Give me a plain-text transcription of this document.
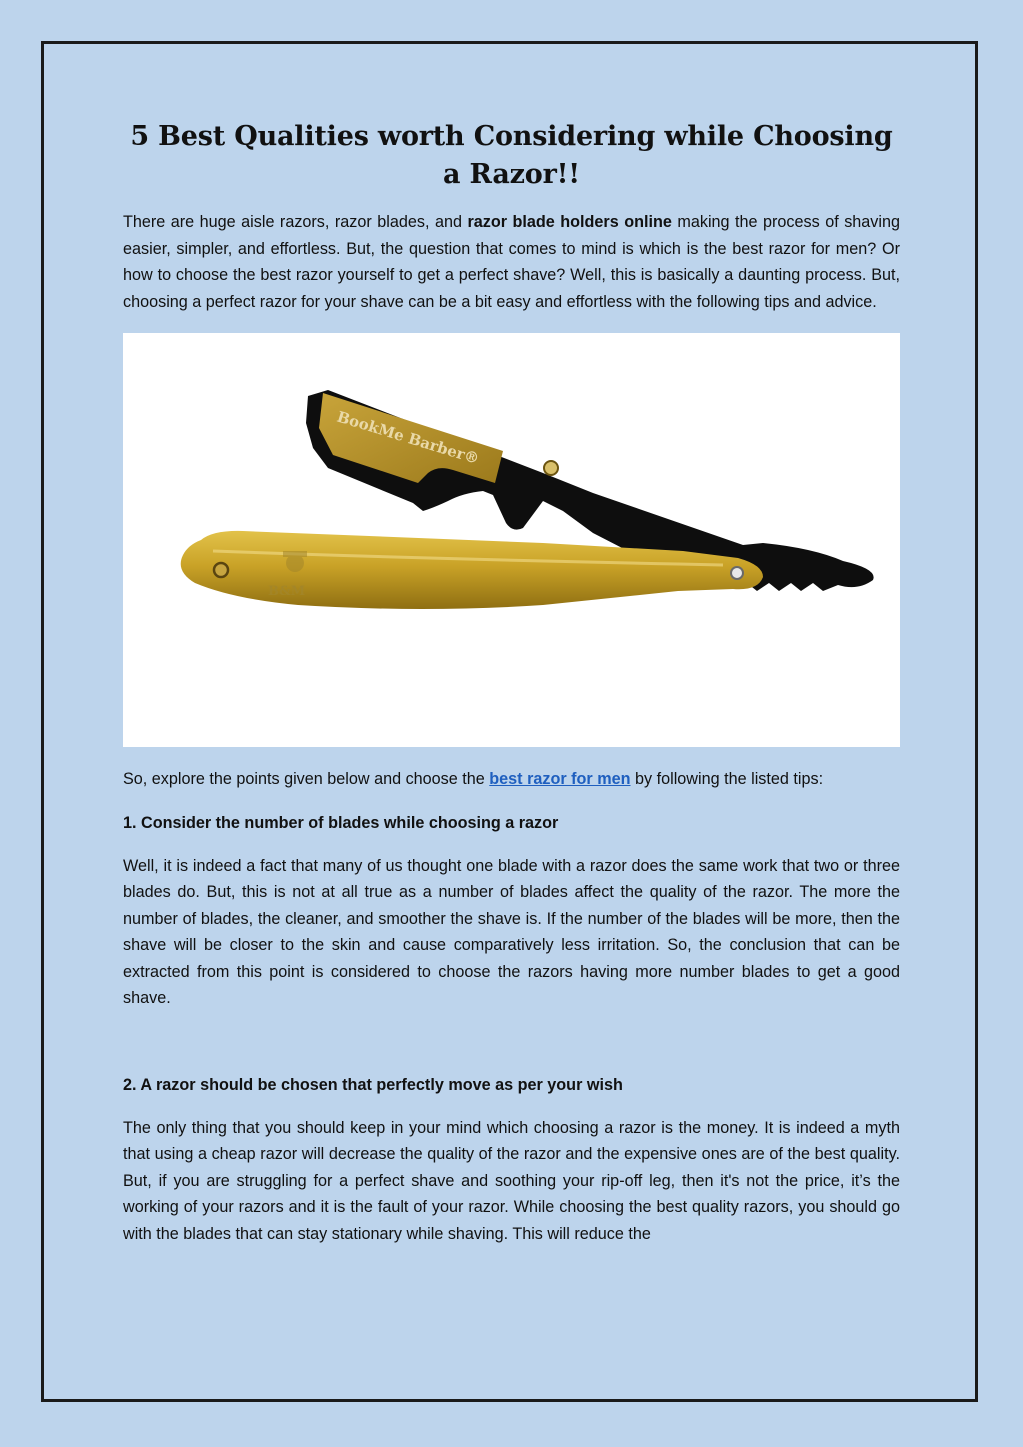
5 Best Qualities worth Considering while Choosing a Razor!!

There are huge aisle razors, razor blades, and razor blade holders online making the process of shaving easier, simpler, and effortless. But, the question that comes to mind is which is the best razor for men? Or how to choose the best razor yourself to get a perfect shave? Well, this is basically a daunting process. But, choosing a perfect razor for your shave can be a bit easy and effortless with the following tips and advice.

BookMe Barber®
B&M

So, explore the points given below and choose the best razor for men by following the listed tips:

1. Consider the number of blades while choosing a razor

Well, it is indeed a fact that many of us thought one blade with a razor does the same work that two or three blades do. But, this is not at all true as a number of blades affect the quality of the razor. The more the number of blades, the cleaner, and smoother the shave is. If the number of the blades will be more, then the shave will be closer to the skin and cause comparatively less irritation. So, the conclusion that can be extracted from this point is considered to choose the razors having more number blades to get a good shave.

2. A razor should be chosen that perfectly move as per your wish

The only thing that you should keep in your mind which choosing a razor is the money. It is indeed a myth that using a cheap razor will decrease the quality of the razor and the expensive ones are of the best quality. But, if you are struggling for a perfect shave and soothing your rip-off leg, then it's not the price, it’s the working of your razors and it is the fault of your razor. While choosing the best quality razors, you should go with the blades that can stay stationary while shaving. This will reduce the
